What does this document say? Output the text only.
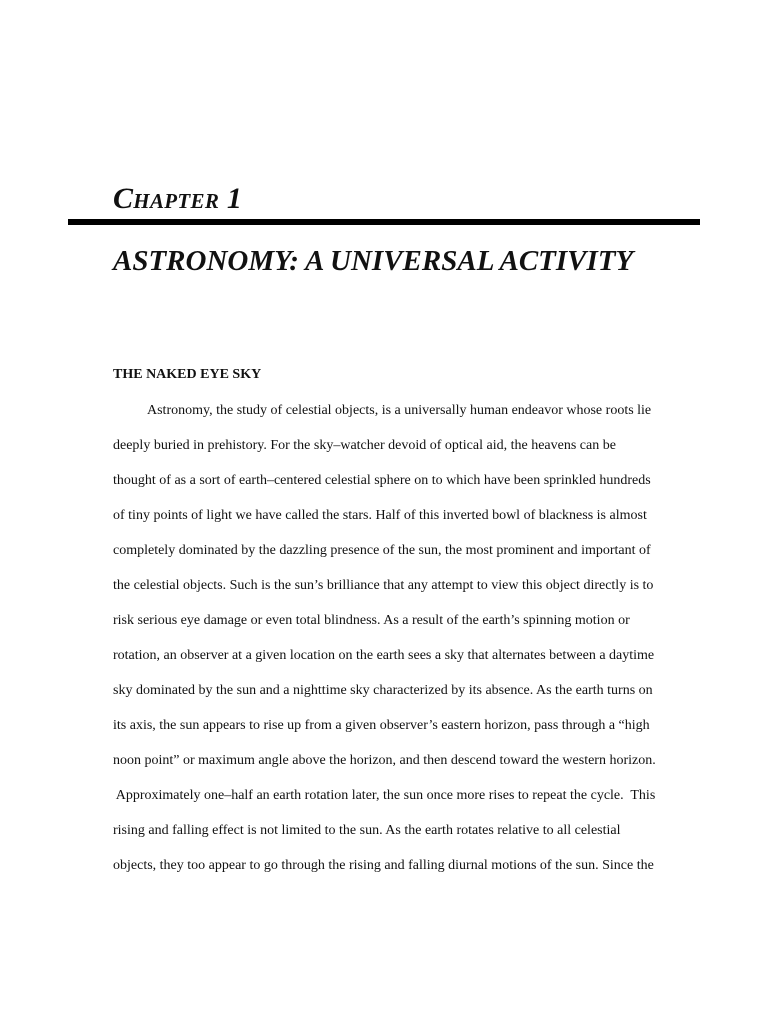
Chapter 1
ASTRONOMY: A UNIVERSAL ACTIVITY
THE NAKED EYE SKY
Astronomy, the study of celestial objects, is a universally human endeavor whose roots lie
deeply buried in prehistory. For the sky–watcher devoid of optical aid, the heavens can be
thought of as a sort of earth–centered celestial sphere on to which have been sprinkled hundreds
of tiny points of light we have called the stars. Half of this inverted bowl of blackness is almost
completely dominated by the dazzling presence of the sun, the most prominent and important of
the celestial objects. Such is the sun’s brilliance that any attempt to view this object directly is to
risk serious eye damage or even total blindness. As a result of the earth’s spinning motion or
rotation, an observer at a given location on the earth sees a sky that alternates between a daytime
sky dominated by the sun and a nighttime sky characterized by its absence. As the earth turns on
its axis, the sun appears to rise up from a given observer’s eastern horizon, pass through a “high
noon point” or maximum angle above the horizon, and then descend toward the western horizon.
Approximately one–half an earth rotation later, the sun once more rises to repeat the cycle.  This
rising and falling effect is not limited to the sun. As the earth rotates relative to all celestial
objects, they too appear to go through the rising and falling diurnal motions of the sun. Since the
